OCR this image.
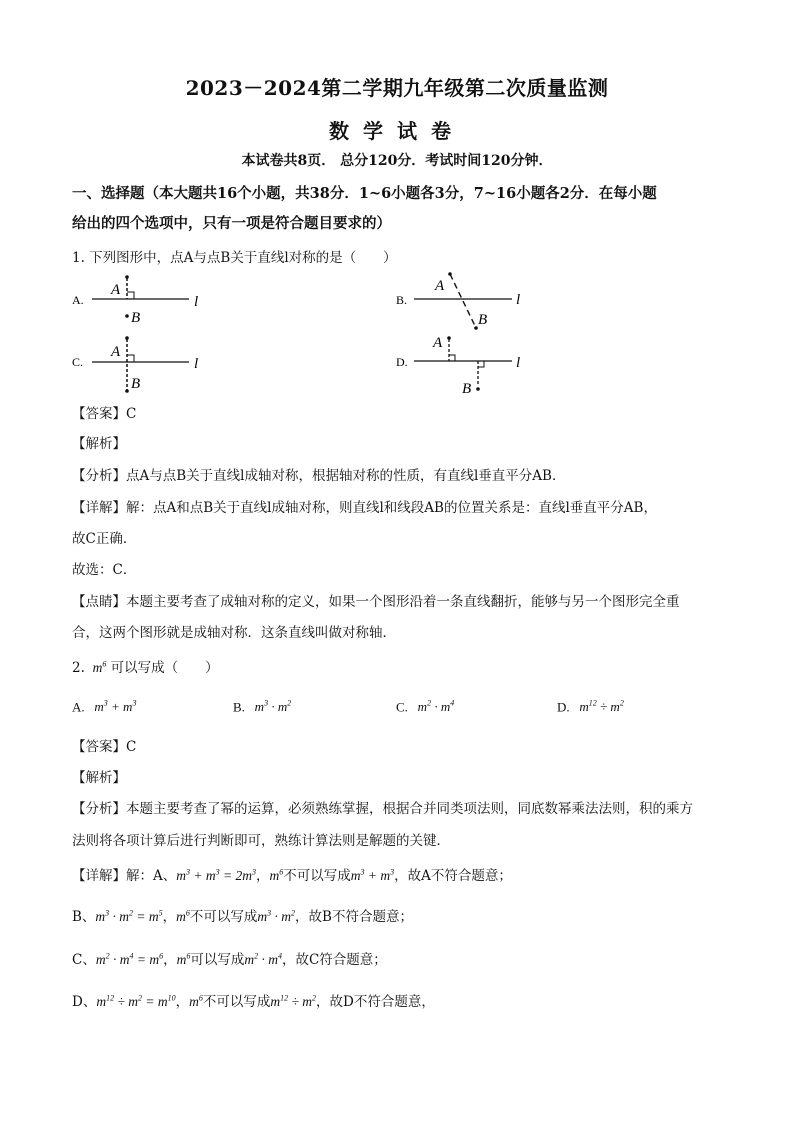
2023－2024第二学期九年级第二次质量监测
数学试卷
本试卷共8页． 总分120分．考试时间120分钟．
一、选择题（本大题共16个小题，共38分．1~6小题各3分，7~16小题各2分．在每小题
给出的四个选项中，只有一项是符合题目要求的）
1. 下列图形中，点A与点B关于直线l对称的是（　　）
A.
A
B
l	B.
A
B
l
C.
A
B
l	D.
A
B
l
【答案】C
【解析】
【分析】点A与点B关于直线l成轴对称，根据轴对称的性质，有直线l垂直平分AB．
【详解】解：点A和点B关于直线l成轴对称，则直线l和线段AB的位置关系是：直线l垂直平分AB，
故C正确．
故选：C．
【点睛】本题主要考查了成轴对称的定义，如果一个图形沿着一条直线翻折，能够与另一个图形完全重
合，这两个图形就是成轴对称．这条直线叫做对称轴．
2.  $m^6$ 可以写成（　　）
A.   $m^3 + m^3$	B.   $m^3 \cdot m^2$	C.   $m^2 \cdot m^4$	D.   $m^{12} \div m^2$
【答案】C
【解析】
【分析】本题主要考查了幂的运算，必须熟练掌握，根据合并同类项法则，同底数幂乘法法则，积的乘方
法则将各项计算后进行判断即可，熟练计算法则是解题的关键．
【详解】解：A、$m^3 + m^3 = 2m^3$，$m^6$不可以写成$m^3 + m^3$，故A不符合题意；
B、$m^3 \cdot m^2 = m^5$，$m^6$不可以写成$m^3 \cdot m^2$，故B不符合题意；
C、$m^2 \cdot m^4 = m^6$，$m^6$可以写成$m^2 \cdot m^4$，故C符合题意；
D、$m^{12} \div m^2 = m^{10}$，$m^6$不可以写成$m^{12} \div m^2$，故D不符合题意，
